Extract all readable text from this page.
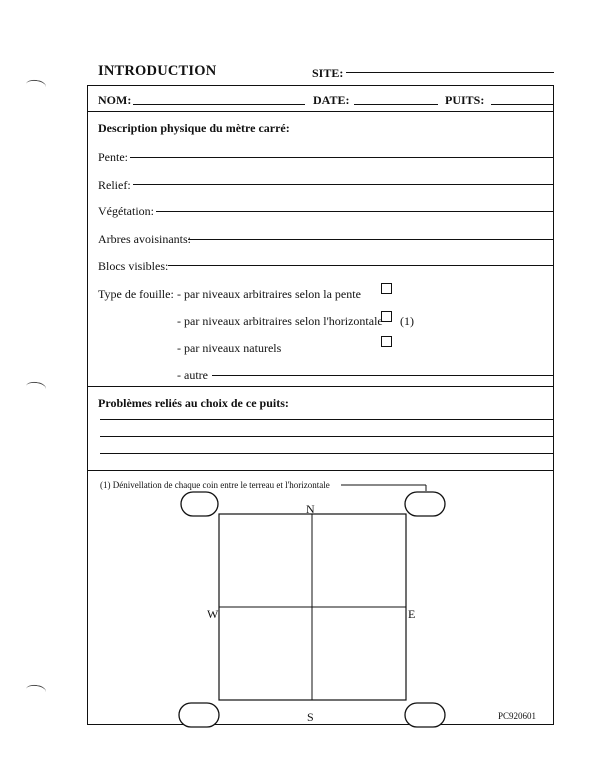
INTRODUCTION	SITE:
NOM:	DATE:	PUITS:
Description physique du mètre carré:
Pente:
Relief:
Végétation:
Arbres avoisinants:
Blocs visibles:
Type de fouille: - par niveaux arbitraires selon la pente
- par niveaux arbitraires selon l'horizontale (1)
- par niveaux naturels
- autre
Problèmes reliés au choix de ce puits:
(1) Dénivellation de chaque coin entre le terreau et l'horizontale
N
S
W	E
PC920601
